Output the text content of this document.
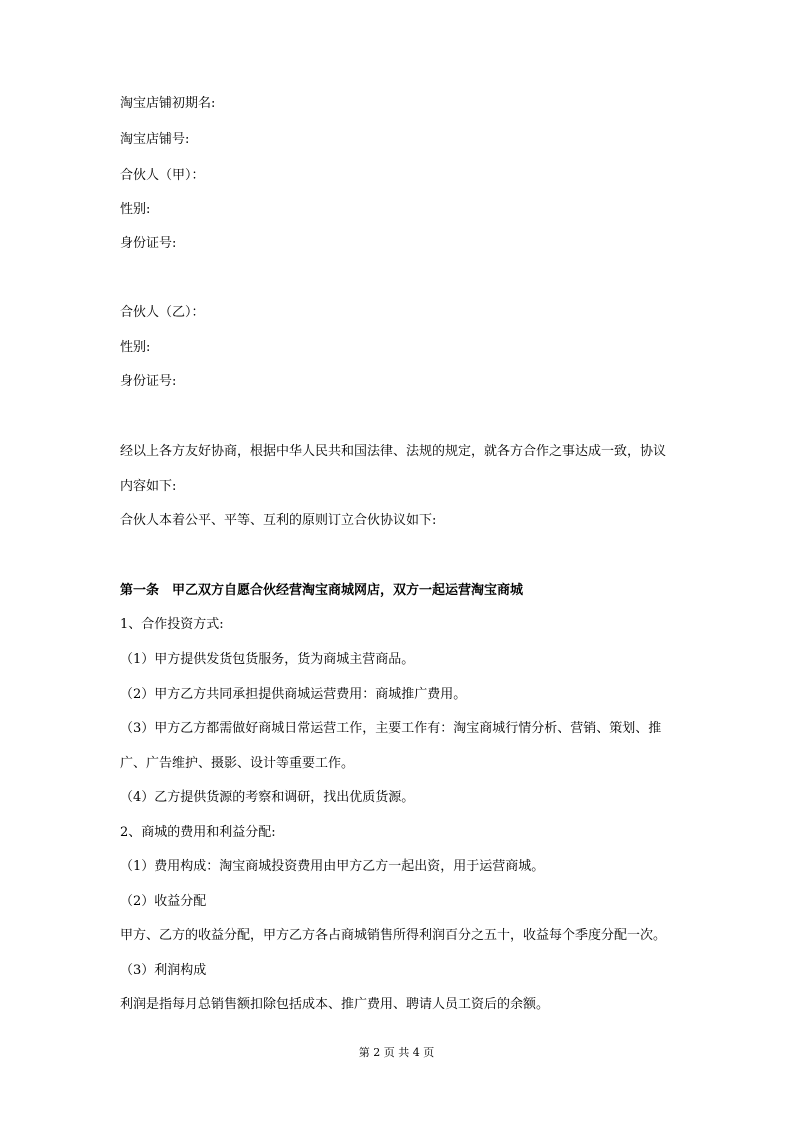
淘宝店铺初期名:
淘宝店铺号:
合伙人（甲）：
性别:
身份证号:
合伙人（乙）：
性别:
身份证号:
经以上各方友好协商，根据中华人民共和国法律、法规的规定，就各方合作之事达成一致，协议
内容如下:
合伙人本着公平、平等、互利的原则订立合伙协议如下:
第一条　甲乙双方自愿合伙经营淘宝商城网店，双方一起运营淘宝商城
1、合作投资方式:
（1）甲方提供发货包货服务，货为商城主营商品。
（2）甲方乙方共同承担提供商城运营费用：商城推广费用。
（3）甲方乙方都需做好商城日常运营工作，主要工作有：淘宝商城行情分析、营销、策划、推
广、广告维护、摄影、设计等重要工作。
（4）乙方提供货源的考察和调研，找出优质货源。
2、商城的费用和利益分配:
（1）费用构成：淘宝商城投资费用由甲方乙方一起出资，用于运营商城。
（2）收益分配
甲方、乙方的收益分配，甲方乙方各占商城销售所得利润百分之五十，收益每个季度分配一次。
（3）利润构成
利润是指每月总销售额扣除包括成本、推广费用、聘请人员工资后的余额。
第 2 页 共 4 页
